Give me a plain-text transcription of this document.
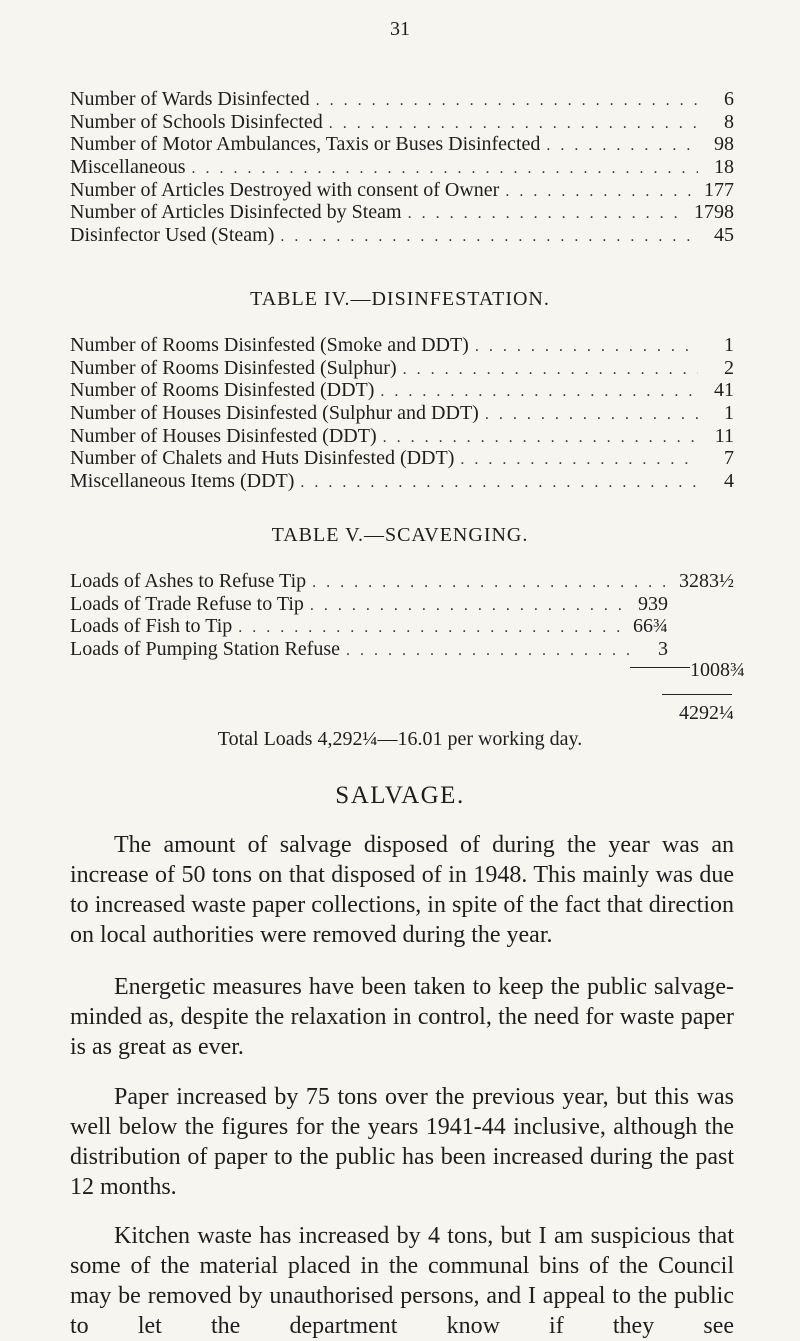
31
Number of Wards Disinfected . . .	6
Number of Schools Disinfected . . .	8
Number of Motor Ambulances, Taxis or Buses Disinfected . . .	98
Miscellaneous . . .	18
Number of Articles Destroyed with consent of Owner . . .	177
Number of Articles Disinfected by Steam . . .	1798
Disinfector Used (Steam) . . .	45
TABLE IV.—DISINFESTATION.
Number of Rooms Disinfested (Smoke and DDT) . . .	1
Number of Rooms Disinfested (Sulphur) . . .	2
Number of Rooms Disinfested (DDT) . . .	41
Number of Houses Disinfested (Sulphur and DDT) . . .	1
Number of Houses Disinfested (DDT) . . .	11
Number of Chalets and Huts Disinfested (DDT) . . .	7
Miscellaneous Items (DDT) . . .	4
TABLE V.—SCAVENGING.
Loads of Ashes to Refuse Tip . . .	3283½
Loads of Trade Refuse to Tip . . .	939
Loads of Fish to Tip . . .	66¾
Loads of Pumping Station Refuse . . .	3
1008¾
4292¼
Total Loads 4,292¼—16.01 per working day.
SALVAGE.

The amount of salvage disposed of during the year was an increase of 50 tons on that disposed of in 1948. This mainly was due to increased waste paper collections, in spite of the fact that direction on local authorities were removed during the year.

Energetic measures have been taken to keep the public salvage-minded as, despite the relaxation in control, the need for waste paper is as great as ever.

Paper increased by 75 tons over the previous year, but this was well below the figures for the years 1941-44 inclusive, although the distribution of paper to the public has been increased during the past 12 months.

Kitchen waste has increased by 4 tons, but I am suspicious that some of the material placed in the communal bins of the Council may be removed by unauthorised persons, and I appeal to the public to let the department know if they see
